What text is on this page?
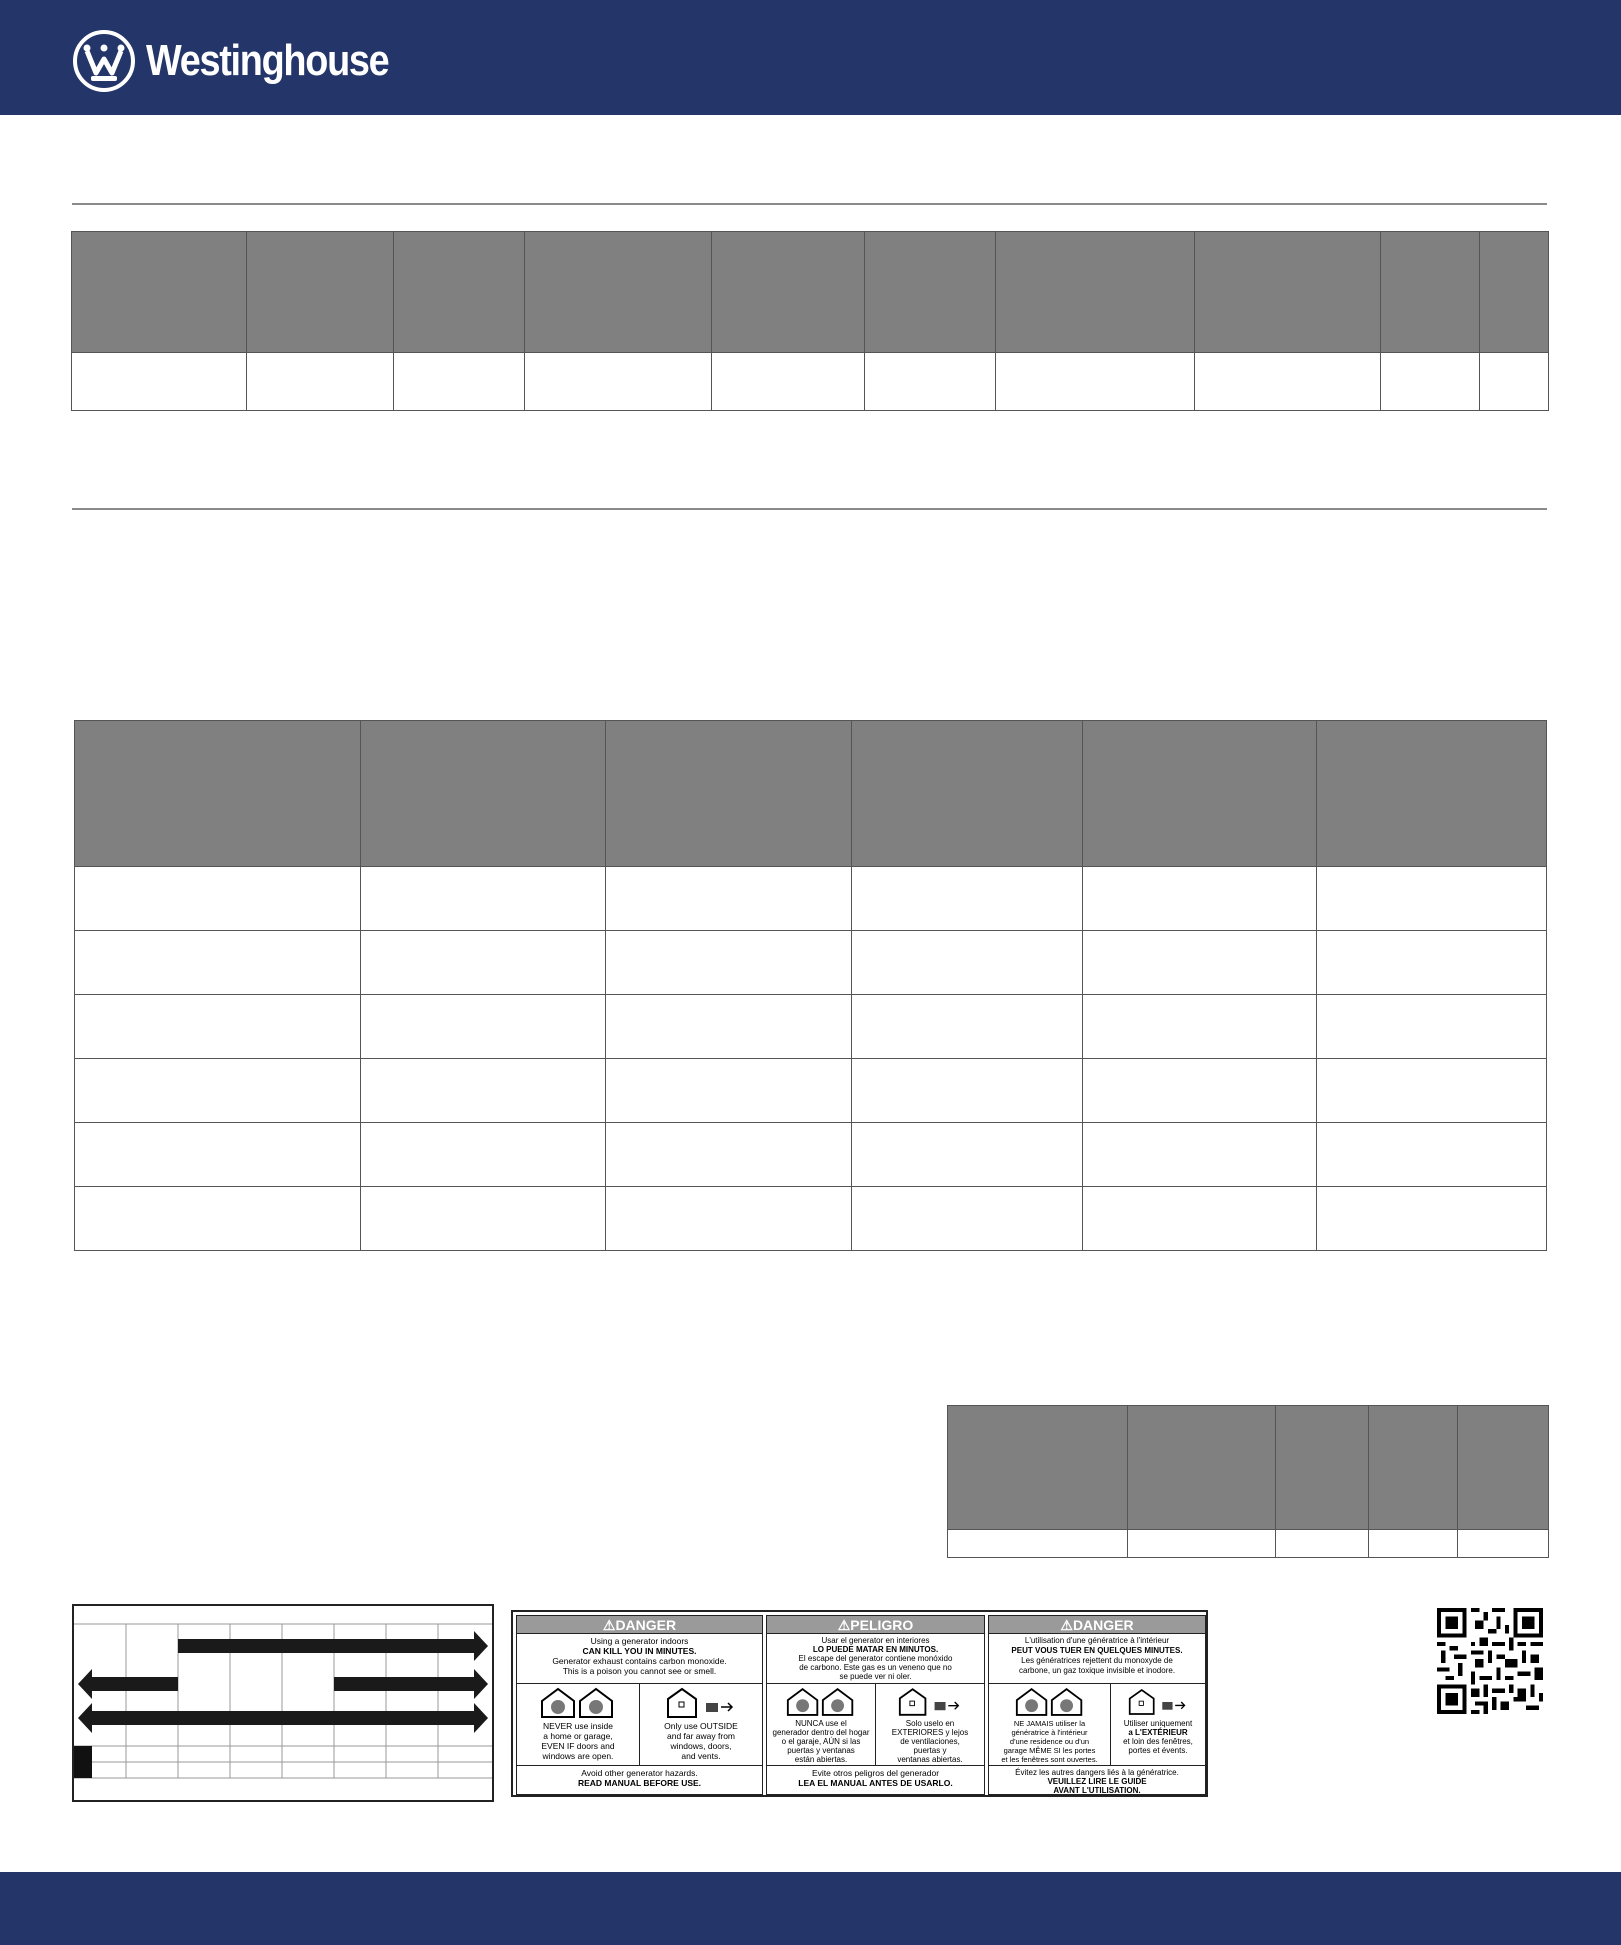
Westinghouse

⚠DANGER
Using a generator indoors
CAN KILL YOU IN MINUTES.
Generator exhaust contains carbon monoxide.
This is a poison you cannot see or smell.
NEVER use inside
a home or garage,
EVEN IF doors and
windows are open.
Only use OUTSIDE
and far away from
windows, doors,
and vents.
Avoid other generator hazards.
READ MANUAL BEFORE USE.
⚠PELIGRO
Usar el generator en interiores
LO PUEDE MATAR EN MINUTOS.
El escape del generator contiene monóxido
de carbono. Este gas es un veneno que no
se puede ver ni oler.
NUNCA use el
generador dentro del hogar
o el garaje, AÚN si las
puertas y ventanas
están abiertas.
Solo uselo en
EXTERIORES y lejos
de ventilaciones,
puertas y
ventanas abiertas.
Evite otros peligros del generador
LEA EL MANUAL ANTES DE USARLO.
⚠DANGER
L'utilisation d'une génératrice à l'intérieur
PEUT VOUS TUER EN QUELQUES MINUTES.
Les génératrices rejettent du monoxyde de
carbone, un gaz toxique invisible et inodore.
NE JAMAIS utiliser la
génératrice à l'intérieur
d'une residence ou d'un
garage MÊME SI les portes
et les fenêtres sont ouvertes.
Utiliser uniquement
a L'EXTÉRIEUR
et loin des fenêtres,
portes et évents.
Évitez les autres dangers liés à la génératrice.
VEUILLEZ LIRE LE GUIDE
AVANT L'UTILISATION.
